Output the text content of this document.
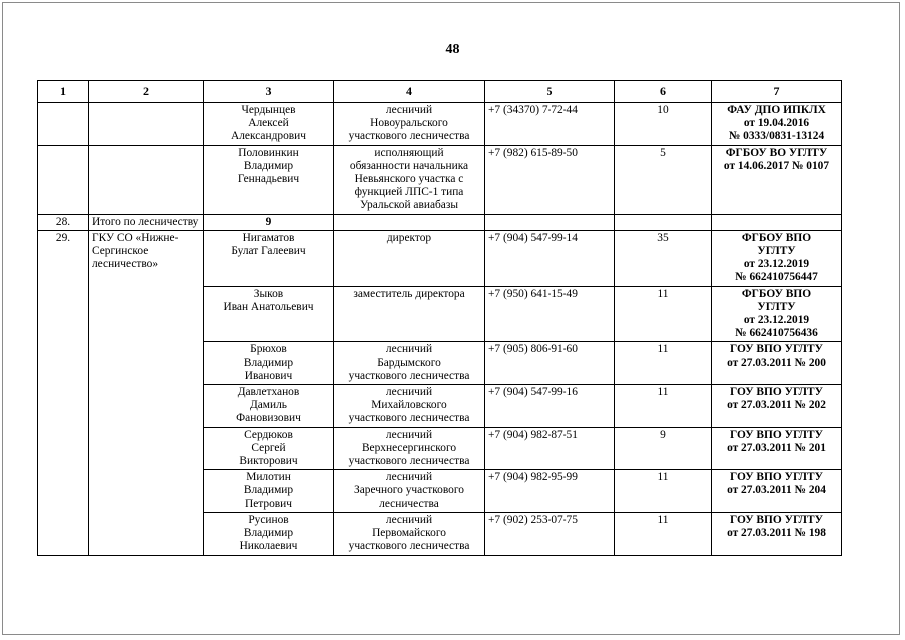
48
1	2	3	4	5	6	7

		Чердынцев
Алексей
Александрович	лесничий
Новоуральского
участкового лесничества	+7 (34370) 7-72-44	10	ФАУ ДПО ИПКЛХ
от 19.04.2016
№ 0333/0831-13124

		Половинкин
Владимир
Геннадьевич	исполняющий
обязанности начальника
Невьянского участка с
функцией ЛПС-1 типа
Уральской авиабазы	+7 (982) 615-89-50	5	ФГБОУ ВО УГЛТУ
от 14.06.2017 № 0107

28.	Итого по лесничеству	9				
29.	ГКУ СО «Нижне-Сергинское лесничество»	Нигаматов
Булат Галеевич	директор	+7 (904) 547-99-14	35	ФГБОУ ВПО
УГЛТУ
от 23.12.2019
№ 662410756447

		Зыков
Иван Анатольевич	заместитель директора	+7 (950) 641-15-49	11	ФГБОУ ВПО
УГЛТУ
от 23.12.2019
№ 662410756436

		Брюхов
Владимир
Иванович	лесничий
Бардымского
участкового лесничества	+7 (905) 806-91-60	11	ГОУ ВПО УГЛТУ
от 27.03.2011 № 200

		Давлетханов
Дамиль
Фановизович	лесничий
Михайловского
участкового лесничества	+7 (904) 547-99-16	11	ГОУ ВПО УГЛТУ
от 27.03.2011 № 202

		Сердюков
Сергей
Викторович	лесничий
Верхнесергинского
участкового лесничества	+7 (904) 982-87-51	9	ГОУ ВПО УГЛТУ
от 27.03.2011 № 201

		Милотин
Владимир
Петрович	лесничий
Заречного участкового
лесничества	+7 (904) 982-95-99	11	ГОУ ВПО УГЛТУ
от 27.03.2011 № 204

		Русинов
Владимир
Николаевич	лесничий
Первомайского
участкового лесничества	+7 (902) 253-07-75	11	ГОУ ВПО УГЛТУ
от 27.03.2011 № 198
